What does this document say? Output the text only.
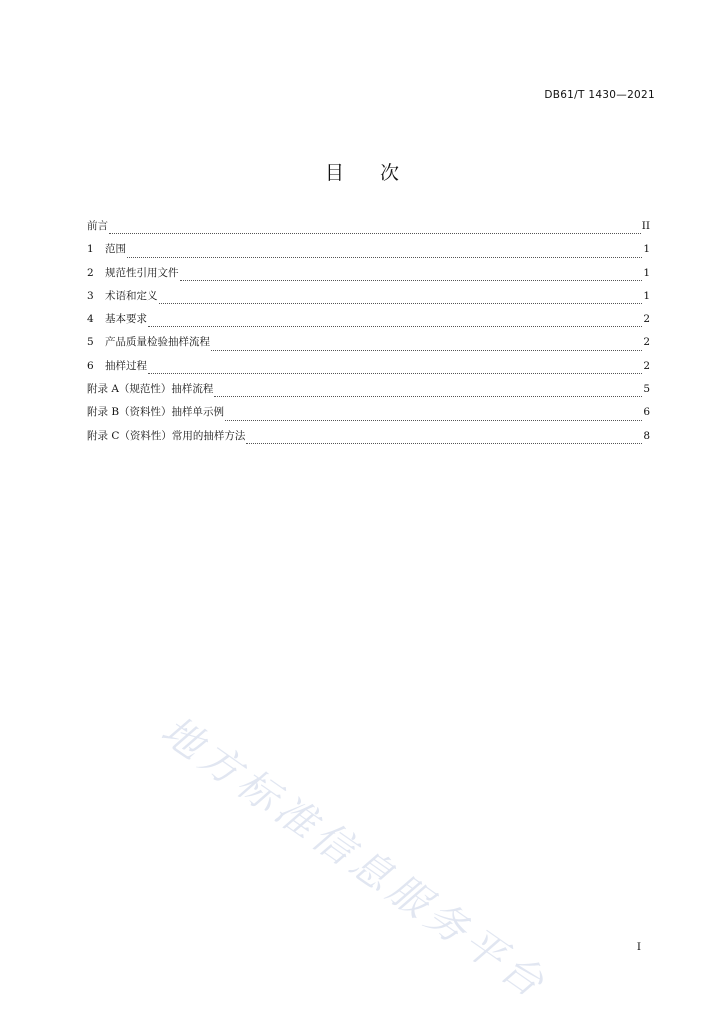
DB61/T 1430—2021
目次
前言	II
1	范围	1
2	规范性引用文件	1
3	术语和定义	1
4	基本要求	2
5	产品质量检验抽样流程	2
6	抽样过程	2
附录 A（规范性）抽样流程	5
附录 B（资料性）抽样单示例	6
附录 C（资料性）常用的抽样方法	8
地方标准信息服务平台	I
